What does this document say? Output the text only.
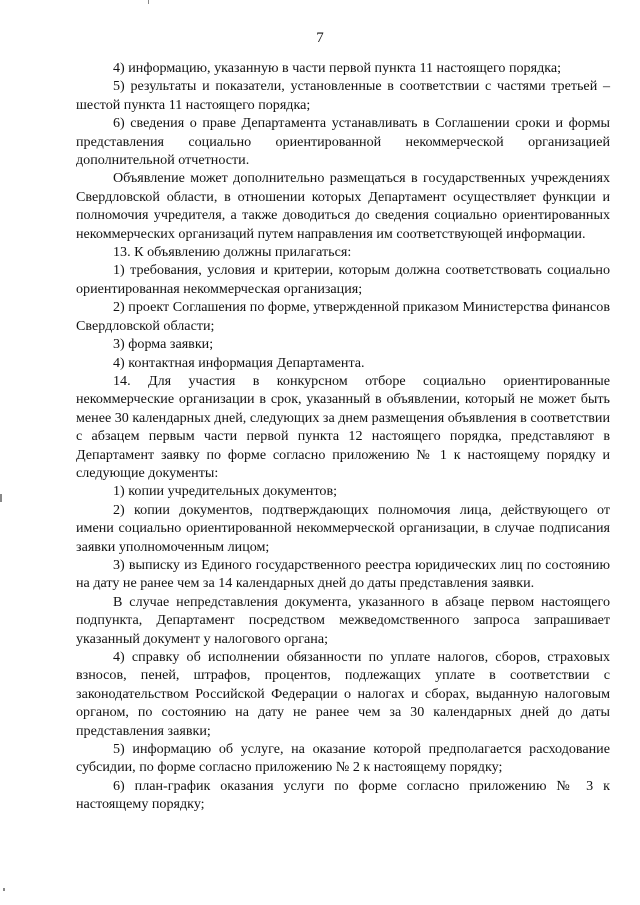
7

4) информацию, указанную в части первой пункта 11 настоящего порядка;

5) результаты и показатели, установленные в соответствии с частями третьей – шестой пункта 11 настоящего порядка;

6) сведения о праве Департамента устанавливать в Соглашении сроки и формы представления социально ориентированной некоммерческой организацией дополнительной отчетности.

Объявление может дополнительно размещаться в государственных учреждениях Свердловской области, в отношении которых Департамент осуществляет функции и полномочия учредителя, а также доводиться до сведения социально ориентированных некоммерческих организаций путем направления им соответствующей информации.

13. К объявлению должны прилагаться:

1) требования, условия и критерии, которым должна соответствовать социально ориентированная некоммерческая организация;

2) проект Соглашения по форме, утвержденной приказом Министерства финансов Свердловской области;

3) форма заявки;

4) контактная информация Департамента.

14. Для участия в конкурсном отборе социально ориентированные некоммерческие организации в срок, указанный в объявлении, который не может быть менее 30 календарных дней, следующих за днем размещения объявления в соответствии с абзацем первым части первой пункта 12 настоящего порядка, представляют в Департамент заявку по форме согласно приложению № 1 к настоящему порядку и следующие документы:

1) копии учредительных документов;

2) копии документов, подтверждающих полномочия лица, действующего от имени социально ориентированной некоммерческой организации, в случае подписания заявки уполномоченным лицом;

3) выписку из Единого государственного реестра юридических лиц по состоянию на дату не ранее чем за 14 календарных дней до даты представления заявки.

В случае непредставления документа, указанного в абзаце первом настоящего подпункта, Департамент посредством межведомственного запроса запрашивает указанный документ у налогового органа;

4) справку об исполнении обязанности по уплате налогов, сборов, страховых взносов, пеней, штрафов, процентов, подлежащих уплате в соответствии с законодательством Российской Федерации о налогах и сборах, выданную налоговым органом, по состоянию на дату не ранее чем за 30 календарных дней до даты представления заявки;

5) информацию об услуге, на оказание которой предполагается расходование субсидии, по форме согласно приложению № 2 к настоящему порядку;

6) план-график оказания услуги по форме согласно приложению № 3 к настоящему порядку;
